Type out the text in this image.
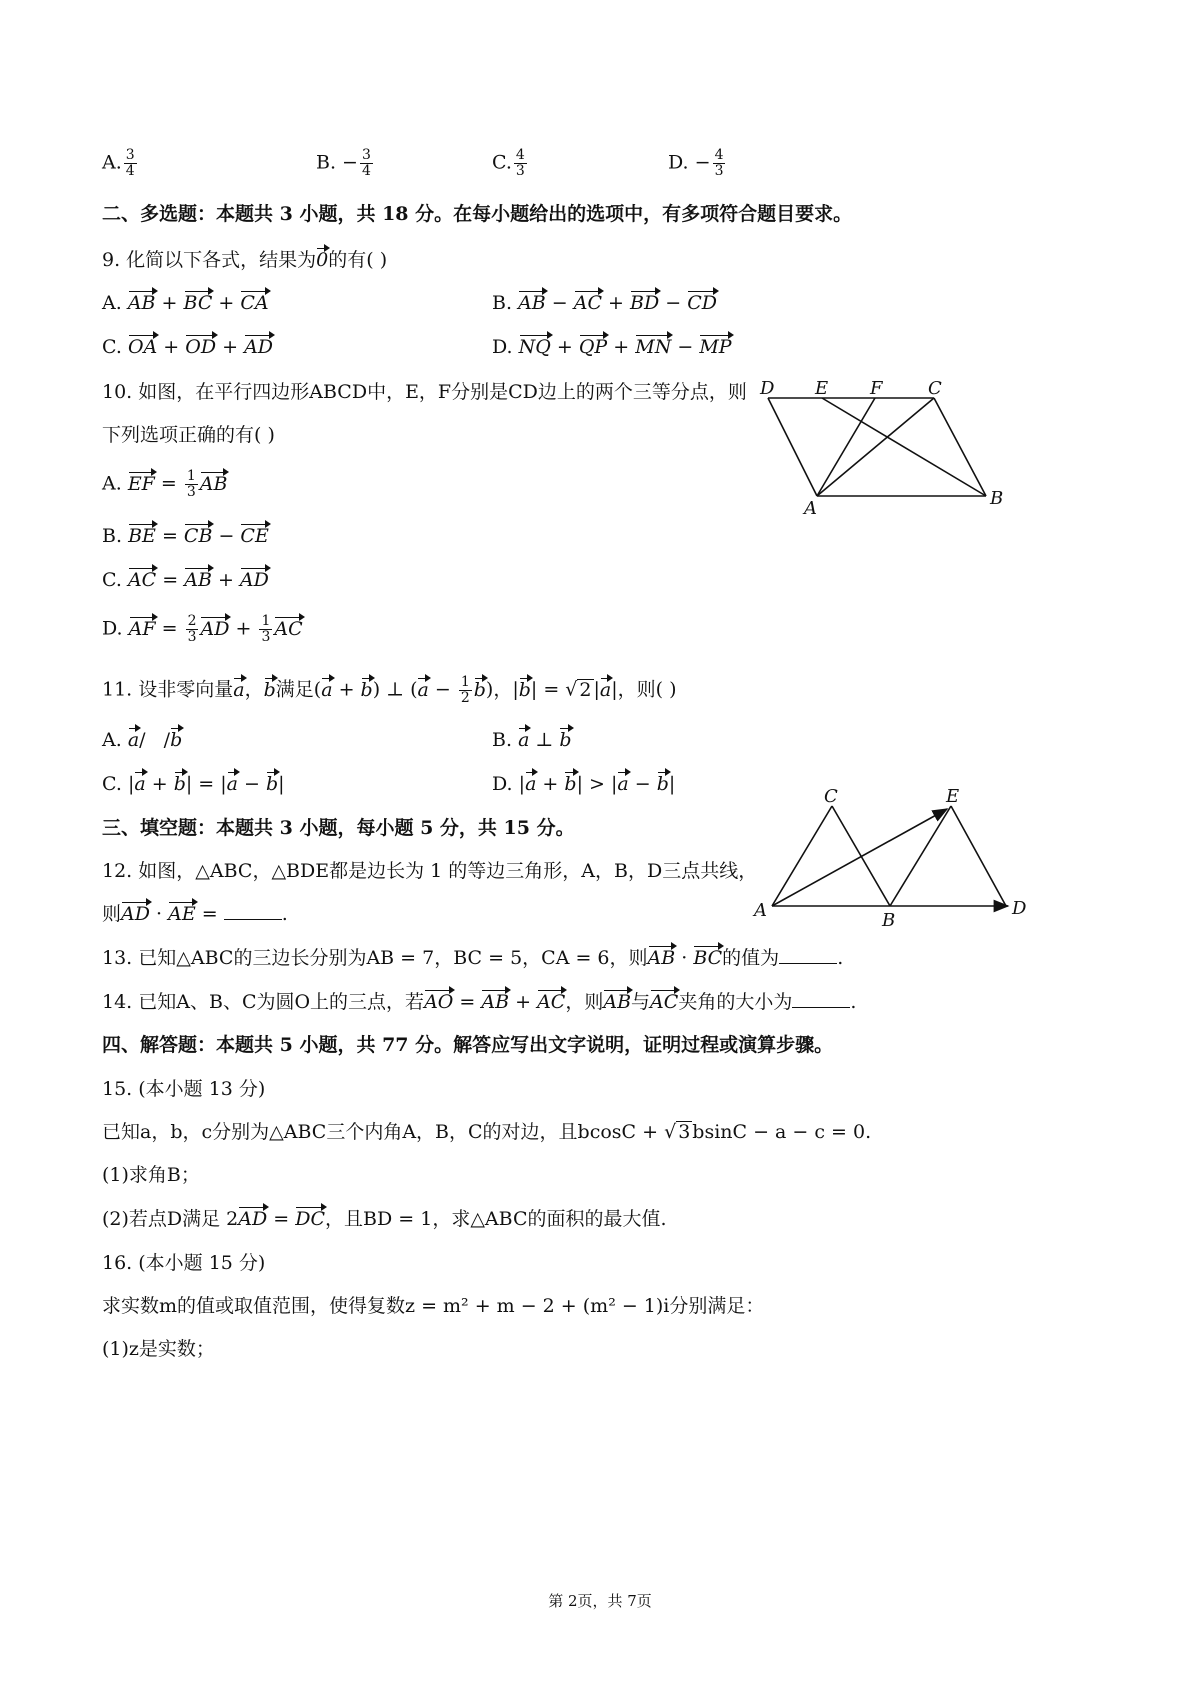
A. $\frac{3}{4}$	B. − $\frac{3}{4}$	C. $\frac{4}{3}$	D. − $\frac{4}{3}$
二、多选题：本题共 3 小题，共 18 分。在每小题给出的选项中，有多项符合题目要求。
9. 化简以下各式，结果为0的有( )
A. AB + BC + CA	B. AB − AC + BD − CD
C. OA + OD + AD	D. NQ + QP + MN − MP
10. 如图，在平行四边形ABCD中，E，F分别是CD边上的两个三等分点，则
下列选项正确的有( )
A. EF = $\frac{1}{3}$ AB
B. BE = CB − CE
C. AC = AB + AD
D. AF = $\frac{2}{3}$ AD + $\frac{1}{3}$ AC
D E F	C
A	B
11. 设非零向量a，b满足(a + b) ⊥ $(a - \frac{1}{2} b)$，|b| = √ 2 |a|，则( )
A. a/   /b	B. a ⊥ b
C. |a + b| = |a − b|	D. |a + b| > |a − b|
三、填空题：本题共 3 小题，每小题 5 分，共 15 分。
12. 如图，△ABC，△BDE都是边长为 1 的等边三角形，A，B，D三点共线，
则AD · AE =	.
C	E
A	B
D
13. 已知△ABC的三边长分别为AB = 7，BC = 5，CA = 6，则AB · BC的值为	.
14. 已知A、B、C为圆O上的三点，若AO = AB + AC，则AB与AC夹角的大小为	.
四、解答题：本题共 5 小题，共 77 分。解答应写出文字说明，证明过程或演算步骤。
15. (本小题 13 分)
已知a，b，c分别为△ABC三个内角A，B，C的对边，且bcosC + √ 3 bsinC − a − c = 0.
(1)求角B；
(2)若点D满足 2AD = DC，且BD = 1，求△ABC的面积的最大值.
16. (本小题 15 分)
求实数m的值或取值范围，使得复数z = m² + m − 2 + (m² − 1)i分别满足：
(1)z是实数；
第 2页，共 7页
